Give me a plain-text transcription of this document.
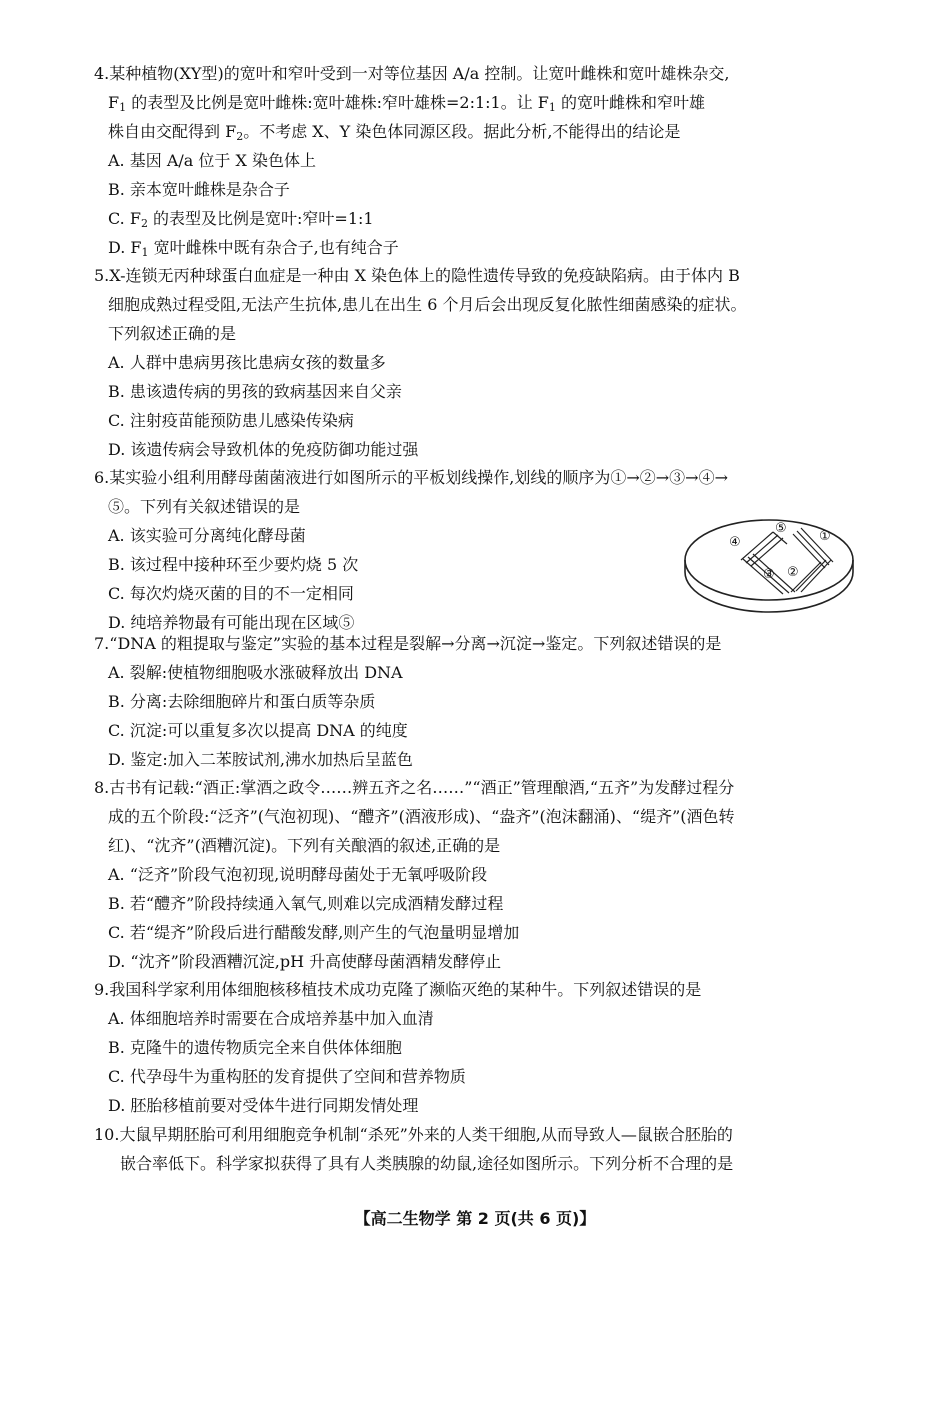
4.某种植物(XY型)的宽叶和窄叶受到一对等位基因 A/a 控制。让宽叶雌株和宽叶雄株杂交,
$F_1$ 的表型及比例是宽叶雌株:宽叶雄株:窄叶雄株=2:1:1。让 $F_1$ 的宽叶雌株和窄叶雄
株自由交配得到 $F_2$。不考虑 X、Y 染色体同源区段。据此分析,不能得出的结论是
A. 基因 A/a 位于 X 染色体上
B. 亲本宽叶雌株是杂合子
C. $F_2$ 的表型及比例是宽叶:窄叶=1:1
D. $F_1$ 宽叶雌株中既有杂合子,也有纯合子
5.X-连锁无丙种球蛋白血症是一种由 X 染色体上的隐性遗传导致的免疫缺陷病。由于体内 B
细胞成熟过程受阻,无法产生抗体,患儿在出生 6 个月后会出现反复化脓性细菌感染的症状。
下列叙述正确的是
A. 人群中患病男孩比患病女孩的数量多
B. 患该遗传病的男孩的致病基因来自父亲
C. 注射疫苗能预防患儿感染传染病
D. 该遗传病会导致机体的免疫防御功能过强
6.某实验小组利用酵母菌菌液进行如图所示的平板划线操作,划线的顺序为①→②→③→④→
⑤。下列有关叙述错误的是
A. 该实验可分离纯化酵母菌
B. 该过程中接种环至少要灼烧 5 次
C. 每次灼烧灭菌的目的不一定相同
D. 纯培养物最有可能出现在区域⑤
①
②
③
④
⑤
7.“DNA 的粗提取与鉴定”实验的基本过程是裂解→分离→沉淀→鉴定。下列叙述错误的是
A. 裂解:使植物细胞吸水涨破释放出 DNA
B. 分离:去除细胞碎片和蛋白质等杂质
C. 沉淀:可以重复多次以提高 DNA 的纯度
D. 鉴定:加入二苯胺试剂,沸水加热后呈蓝色
8.古书有记载:“酒正:掌酒之政令……辨五齐之名……”“酒正”管理酿酒,“五齐”为发酵过程分
成的五个阶段:“泛齐”(气泡初现)、“醴齐”(酒液形成)、“盎齐”(泡沫翻涌)、“缇齐”(酒色转
红)、“沈齐”(酒糟沉淀)。下列有关酿酒的叙述,正确的是
A. “泛齐”阶段气泡初现,说明酵母菌处于无氧呼吸阶段
B. 若“醴齐”阶段持续通入氧气,则难以完成酒精发酵过程
C. 若“缇齐”阶段后进行醋酸发酵,则产生的气泡量明显增加
D. “沈齐”阶段酒糟沉淀,pH 升高使酵母菌酒精发酵停止
9.我国科学家利用体细胞核移植技术成功克隆了濒临灭绝的某种牛。下列叙述错误的是
A. 体细胞培养时需要在合成培养基中加入血清
B. 克隆牛的遗传物质完全来自供体体细胞
C. 代孕母牛为重构胚的发育提供了空间和营养物质
D. 胚胎移植前要对受体牛进行同期发情处理
10.大鼠早期胚胎可利用细胞竞争机制“杀死”外来的人类干细胞,从而导致人—鼠嵌合胚胎的
嵌合率低下。科学家拟获得了具有人类胰腺的幼鼠,途径如图所示。下列分析不合理的是
【高二生物学 第 2 页(共 6 页)】
